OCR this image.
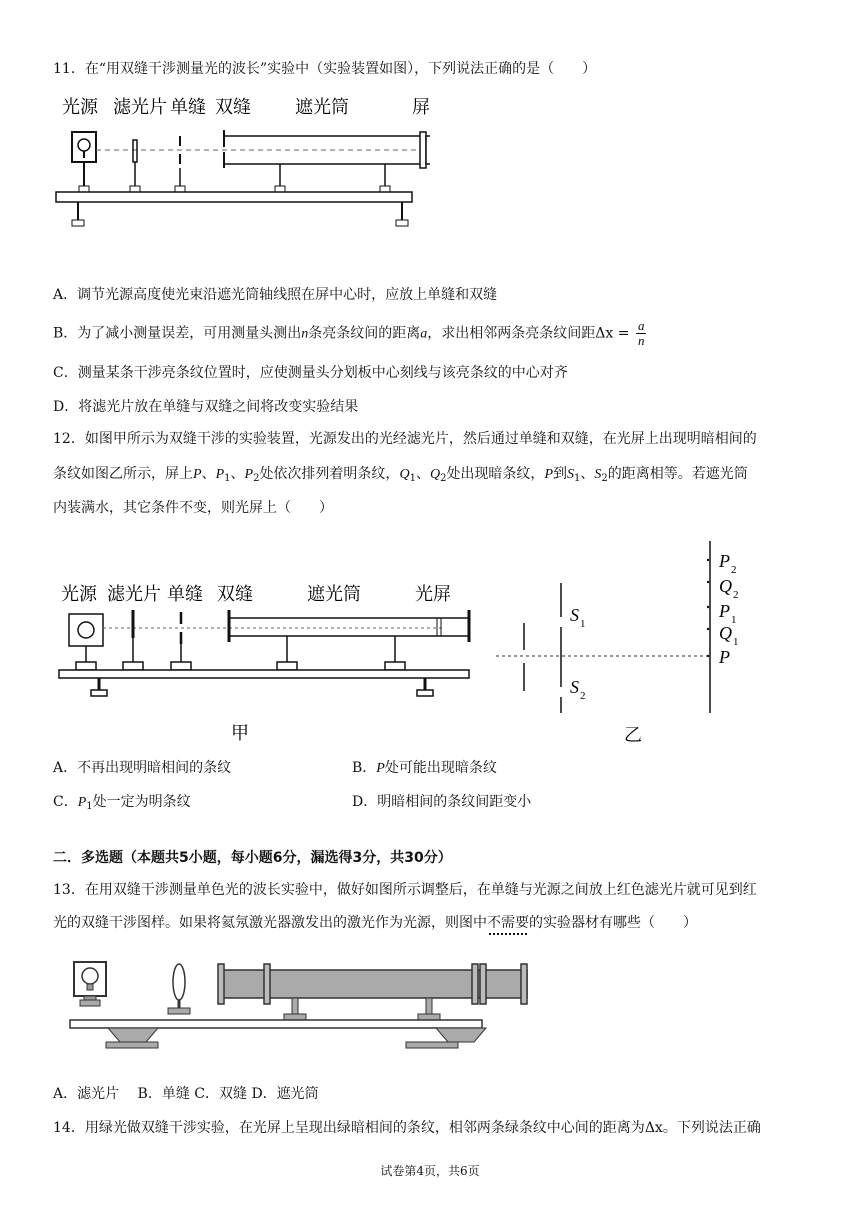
11．在“用双缝干涉测量光的波长”实验中（实验装置如图），下列说法正确的是（　　）
光源 滤光片 单缝 双缝 遮光筒	屏
A．调节光源高度使光束沿遮光筒轴线照在屏中心时，应放上单缝和双缝
B．为了减小测量误差，可用测量头测出n条亮条纹间的距离a，求出相邻两条亮条纹间距$\Delta x = \frac{a}{n}$
C．测量某条干涉亮条纹位置时，应使测量头分划板中心刻线与该亮条纹的中心对齐
D．将滤光片放在单缝与双缝之间将改变实验结果
12．如图甲所示为双缝干涉的实验装置，光源发出的光经滤光片，然后通过单缝和双缝，在光屏上出现明暗相间的
条纹如图乙所示，屏上P、$P_1$、$P_2$处依次排列着明条纹，$Q_1$、$Q_2$处出现暗条纹，P到$S_1$、$S_2$的距离相等。若遮光筒
内装满水，其它条件不变，则光屏上（　　）
光源 滤光片 单缝 双缝	遮光筒	光屏
甲
P 2
Q 2
P 1
Q 1
P
S 1
S 2
乙
A．不再出现明暗相间的条纹	B．P处可能出现暗条纹
C．$P_1$处一定为明条纹	D．明暗相间的条纹间距变小
二．多选题（本题共5小题，每小题6分，漏选得3分，共30分）
13．在用双缝干涉测量单色光的波长实验中，做好如图所示调整后，在单缝与光源之间放上红色滤光片就可见到红
光的双缝干涉图样。如果将氦氖激光器激发出的激光作为光源，则图中不需要的实验器材有哪些（　　）
A．滤光片　 B．单缝 C．双缝 D．遮光筒
14．用绿光做双缝干涉实验，在光屏上呈现出绿暗相间的条纹，相邻两条绿条纹中心间的距离为Δx。下列说法正确
试卷第4页，共6页
